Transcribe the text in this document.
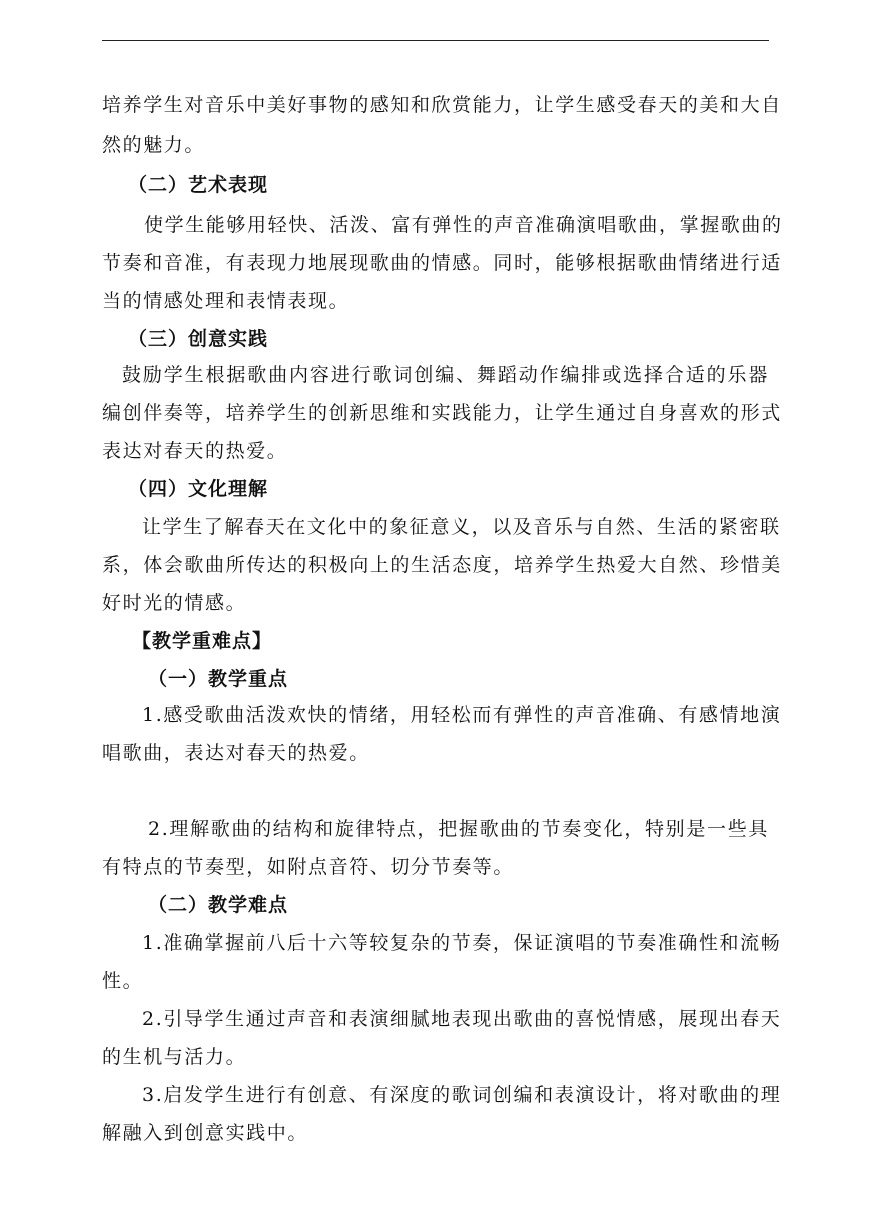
培养学生对音乐中美好事物的感知和欣赏能力，让学生感受春天的美和大自
然的魅力。
（二）艺术表现
使学生能够用轻快、活泼、富有弹性的声音准确演唱歌曲，掌握歌曲的
节奏和音准，有表现力地展现歌曲的情感。同时，能够根据歌曲情绪进行适
当的情感处理和表情表现。
（三）创意实践
鼓励学生根据歌曲内容进行歌词创编、舞蹈动作编排或选择合适的乐器
编创伴奏等，培养学生的创新思维和实践能力，让学生通过自身喜欢的形式
表达对春天的热爱。
（四）文化理解
让学生了解春天在文化中的象征意义，以及音乐与自然、生活的紧密联
系，体会歌曲所传达的积极向上的生活态度，培养学生热爱大自然、珍惜美
好时光的情感。
【教学重难点】
（一）教学重点
1.感受歌曲活泼欢快的情绪，用轻松而有弹性的声音准确、有感情地演
唱歌曲，表达对春天的热爱。
2.理解歌曲的结构和旋律特点，把握歌曲的节奏变化，特别是一些具
有特点的节奏型，如附点音符、切分节奏等。
（二）教学难点
1.准确掌握前八后十六等较复杂的节奏，保证演唱的节奏准确性和流畅
性。
2.引导学生通过声音和表演细腻地表现出歌曲的喜悦情感，展现出春天
的生机与活力。
3.启发学生进行有创意、有深度的歌词创编和表演设计，将对歌曲的理
解融入到创意实践中。
